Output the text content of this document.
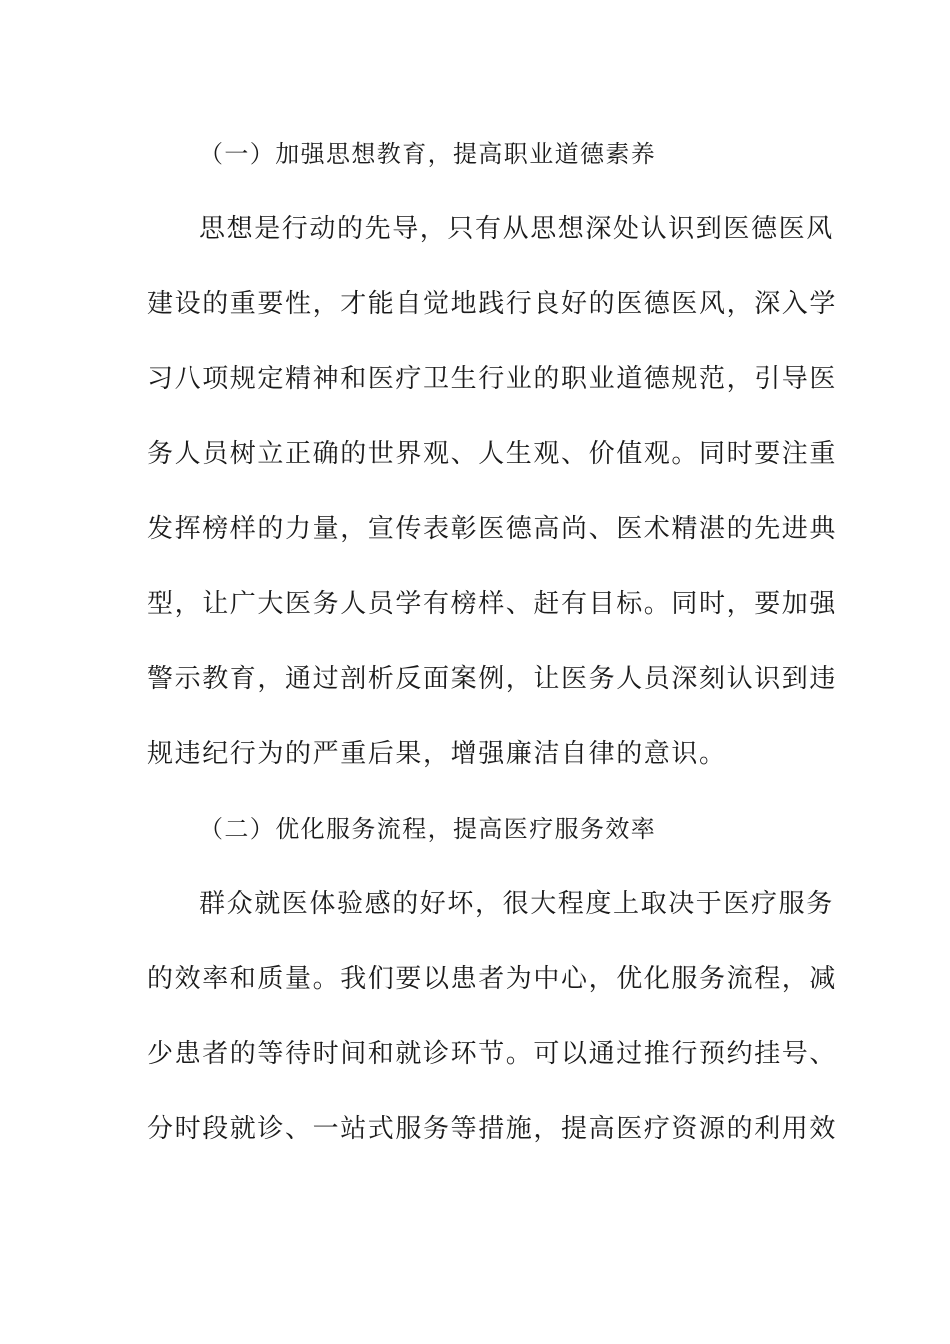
（一）加强思想教育，提高职业道德素养
思想是行动的先导，只有从思想深处认识到医德医风
建设的重要性，才能自觉地践行良好的医德医风，深入学
习八项规定精神和医疗卫生行业的职业道德规范，引导医
务人员树立正确的世界观、人生观、价值观。同时要注重
发挥榜样的力量，宣传表彰医德高尚、医术精湛的先进典
型，让广大医务人员学有榜样、赶有目标。同时，要加强
警示教育，通过剖析反面案例，让医务人员深刻认识到违
规违纪行为的严重后果，增强廉洁自律的意识。
（二）优化服务流程，提高医疗服务效率
群众就医体验感的好坏，很大程度上取决于医疗服务
的效率和质量。我们要以患者为中心，优化服务流程，减
少患者的等待时间和就诊环节。可以通过推行预约挂号、
分时段就诊、一站式服务等措施，提高医疗资源的利用效
